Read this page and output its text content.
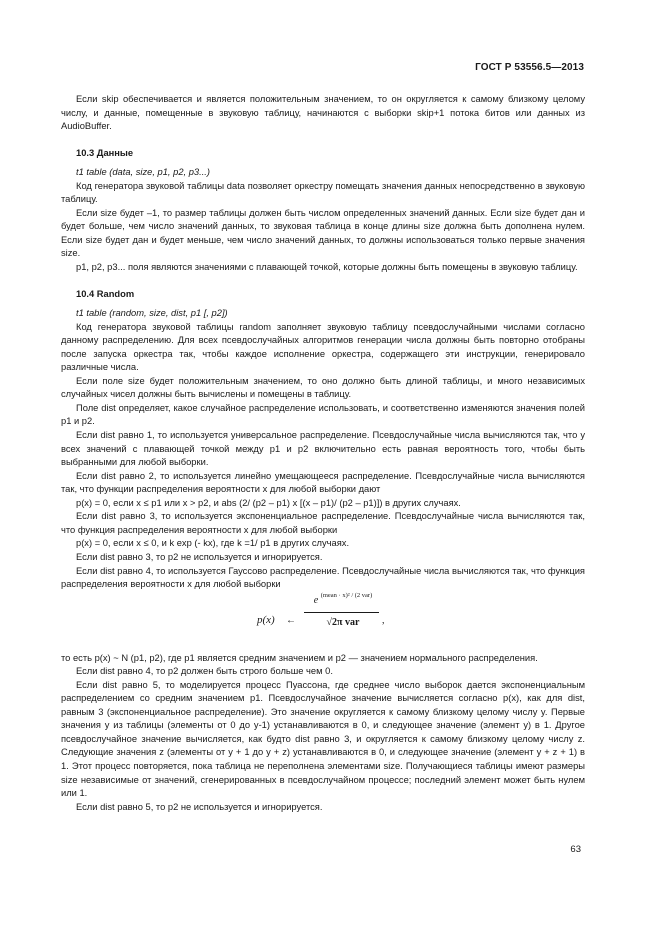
ГОСТ Р 53556.5—2013

Если skip обеспечивается и является положительным значением, то он округляется к самому близкому целому числу, и данные, помещенные в звуковую таблицу, начинаются с выборки skip+1 потока битов или данных из AudioBuffer.

10.3 Данные

t1 table (data, size, p1, p2, p3...)

Код генератора звуковой таблицы data позволяет оркестру помещать значения данных непосредственно в звуковую таблицу.

Если size будет –1, то размер таблицы должен быть числом определенных значений данных. Если size будет дан и будет больше, чем число значений данных, то звуковая таблица в конце длины size должна быть дополнена нулем. Если size будет дан и будет меньше, чем число значений данных, то должны использоваться только первые значения size.

p1, p2, p3... поля являются значениями с плавающей точкой, которые должны быть помещены в звуковую таблицу.

10.4 Random

t1 table (random, size, dist, p1 [, p2])

Код генератора звуковой таблицы random заполняет звуковую таблицу псевдослучайными числами согласно данному распределению. Для всех псевдослучайных алгоритмов генерации числа должны быть повторно отобраны после запуска оркестра так, чтобы каждое исполнение оркестра, содержащего эти инструкции, генерировало различные числа.

Если поле size будет положительным значением, то оно должно быть длиной таблицы, и много независимых случайных чисел должны быть вычислены и помещены в таблицу.

Поле dist определяет, какое случайное распределение использовать, и соответственно изменяются значения полей p1 и p2.

Если dist равно 1, то используется универсальное распределение. Псевдослучайные числа вычисляются так, что у всех значений с плавающей точкой между p1 и p2 включительно есть равная вероятность того, чтобы быть выбранными для любой выборки.

Если dist равно 2, то используется линейно умещающееся распределение. Псевдослучайные числа вычисляются так, что функции распределения вероятности x для любой выборки дают

p(x) = 0, если x ≤ p1 или x > p2, и abs (2/ (p2 – p1) x [(x – p1)/ (p2 – p1)]) в других случаях.

Если dist равно 3, то используется экспоненциальное распределение. Псевдослучайные числа вычисляются так, что функция распределения вероятности x для любой выборки

p(x) = 0, если x ≤ 0, и k exp (- kx), где k =1/ p1 в других случаях.

Если dist равно 3, то p2 не используется и игнорируется.

Если dist равно 4, то используется Гауссово распределение. Псевдослучайные числа вычисляются так, что функция распределения вероятности x для любой выборки

p(x) ←
e $^{(mean \cdot x)^2 / (2 var)}$
√2π var	,

то есть p(x) ~ N (p1, p2), где p1 является средним значением и p2 — значением нормального распределения.

Если dist равно 4, то p2 должен быть строго больше чем 0.

Если dist равно 5, то моделируется процесс Пуассона, где среднее число выборок дается экспоненциальным распределением со средним значением p1. Псевдослучайное значение вычисляется согласно p(x), как для dist, равным 3 (экспоненциальное распределение). Это значение округляется к самому близкому целому числу y. Первые значения y из таблицы (элементы от 0 до y-1) устанавливаются в 0, и следующее значение (элемент y) в 1. Другое псевдослучайное значение вычисляется, как будто dist равно 3, и округляется к самому близкому целому числу z. Следующие значения z (элементы от y + 1 до y + z) устанавливаются в 0, и следующее значение (элемент y + z + 1) в 1. Этот процесс повторяется, пока таблица не переполнена элементами size. Получающиеся таблицы имеют размеры size независимые от значений, сгенерированных в псевдослучайном процессе; последний элемент может быть нулем или 1.

Если dist равно 5, то p2 не используется и игнорируется.

63
